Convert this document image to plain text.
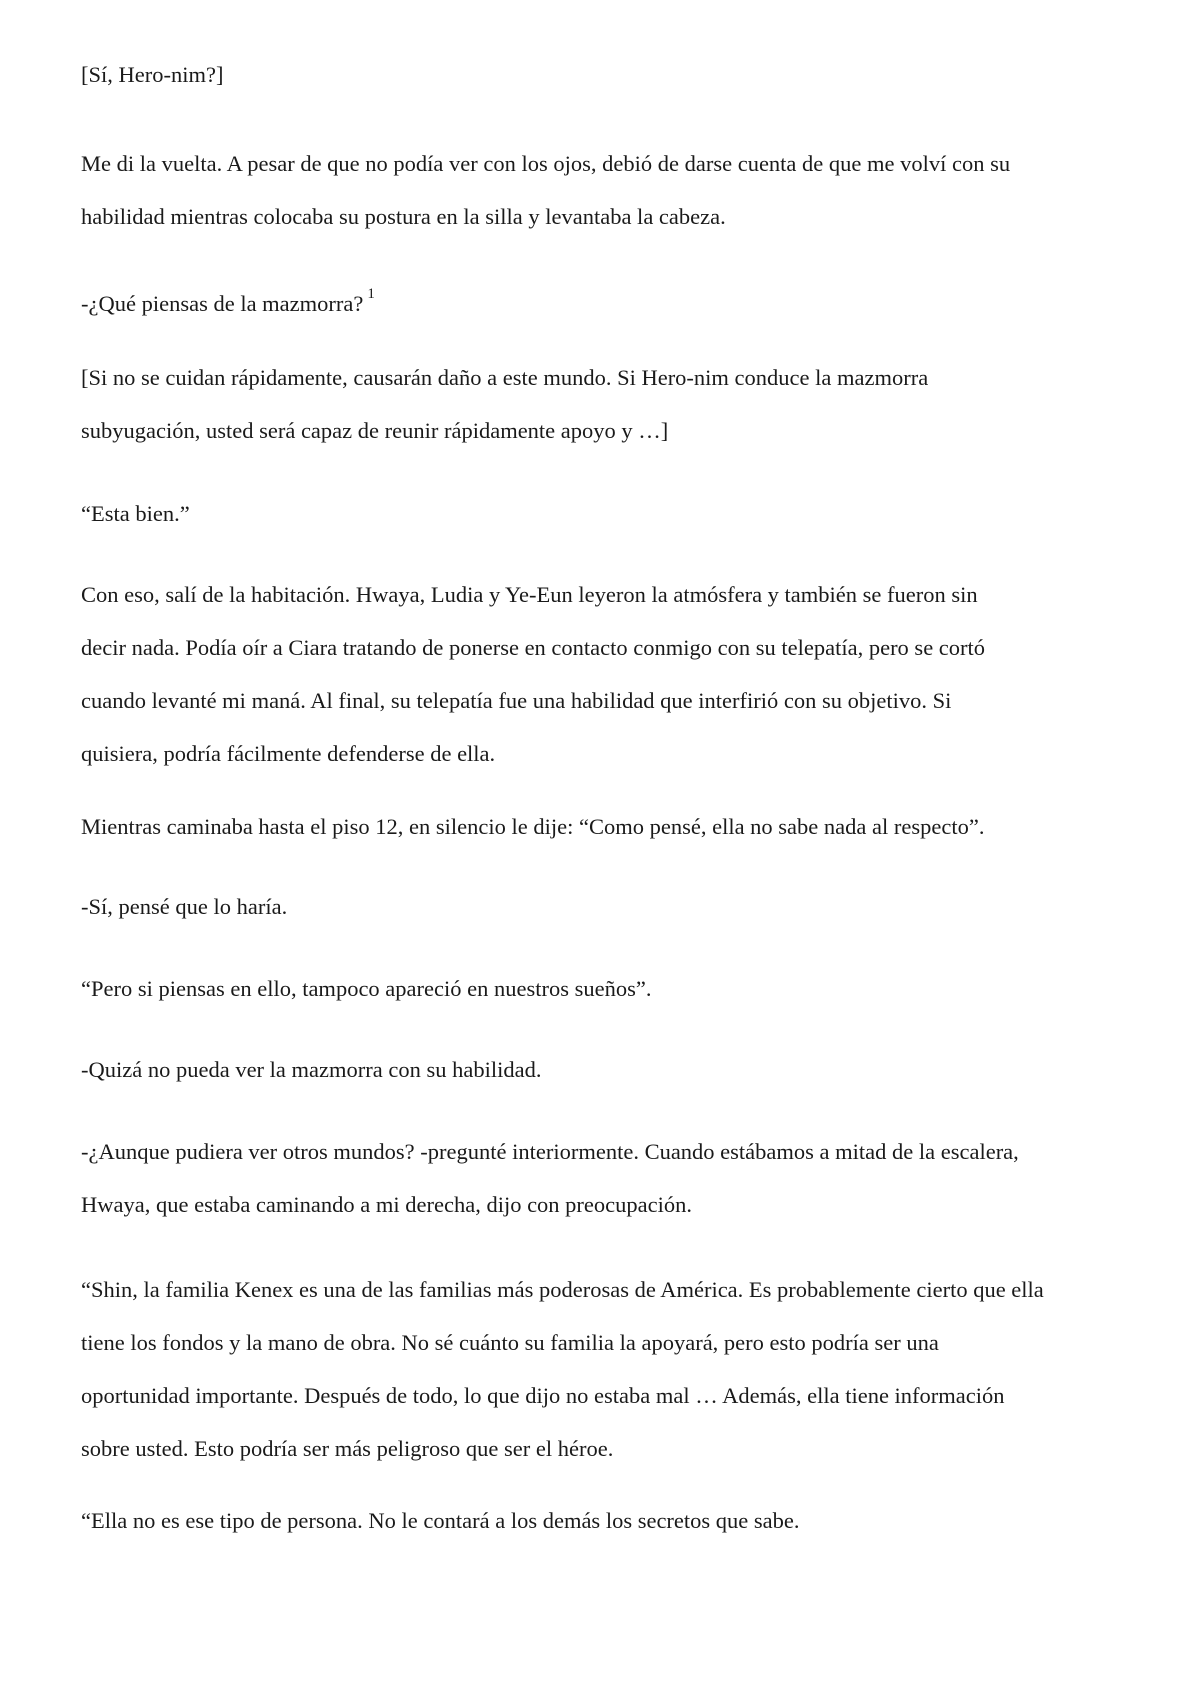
[Sí, Hero-nim?]

Me di la vuelta. A pesar de que no podía ver con los ojos, debió de darse cuenta de que me volví con su
habilidad mientras colocaba su postura en la silla y levantaba la cabeza.

-¿Qué piensas de la mazmorra? $^1$

[Si no se cuidan rápidamente, causarán daño a este mundo. Si Hero-nim conduce la mazmorra
subyugación, usted será capaz de reunir rápidamente apoyo y …]

“Esta bien.”

Con eso, salí de la habitación. Hwaya, Ludia y Ye-Eun leyeron la atmósfera y también se fueron sin
decir nada. Podía oír a Ciara tratando de ponerse en contacto conmigo con su telepatía, pero se cortó
cuando levanté mi maná. Al final, su telepatía fue una habilidad que interfirió con su objetivo. Si
quisiera, podría fácilmente defenderse de ella.

Mientras caminaba hasta el piso 12, en silencio le dije: “Como pensé, ella no sabe nada al respecto”.

-Sí, pensé que lo haría.

“Pero si piensas en ello, tampoco apareció en nuestros sueños”.

-Quizá no pueda ver la mazmorra con su habilidad.

-¿Aunque pudiera ver otros mundos? -pregunté interiormente. Cuando estábamos a mitad de la escalera,
Hwaya, que estaba caminando a mi derecha, dijo con preocupación.

“Shin, la familia Kenex es una de las familias más poderosas de América. Es probablemente cierto que ella
tiene los fondos y la mano de obra. No sé cuánto su familia la apoyará, pero esto podría ser una
oportunidad importante. Después de todo, lo que dijo no estaba mal … Además, ella tiene información
sobre usted. Esto podría ser más peligroso que ser el héroe.

“Ella no es ese tipo de persona. No le contará a los demás los secretos que sabe.
